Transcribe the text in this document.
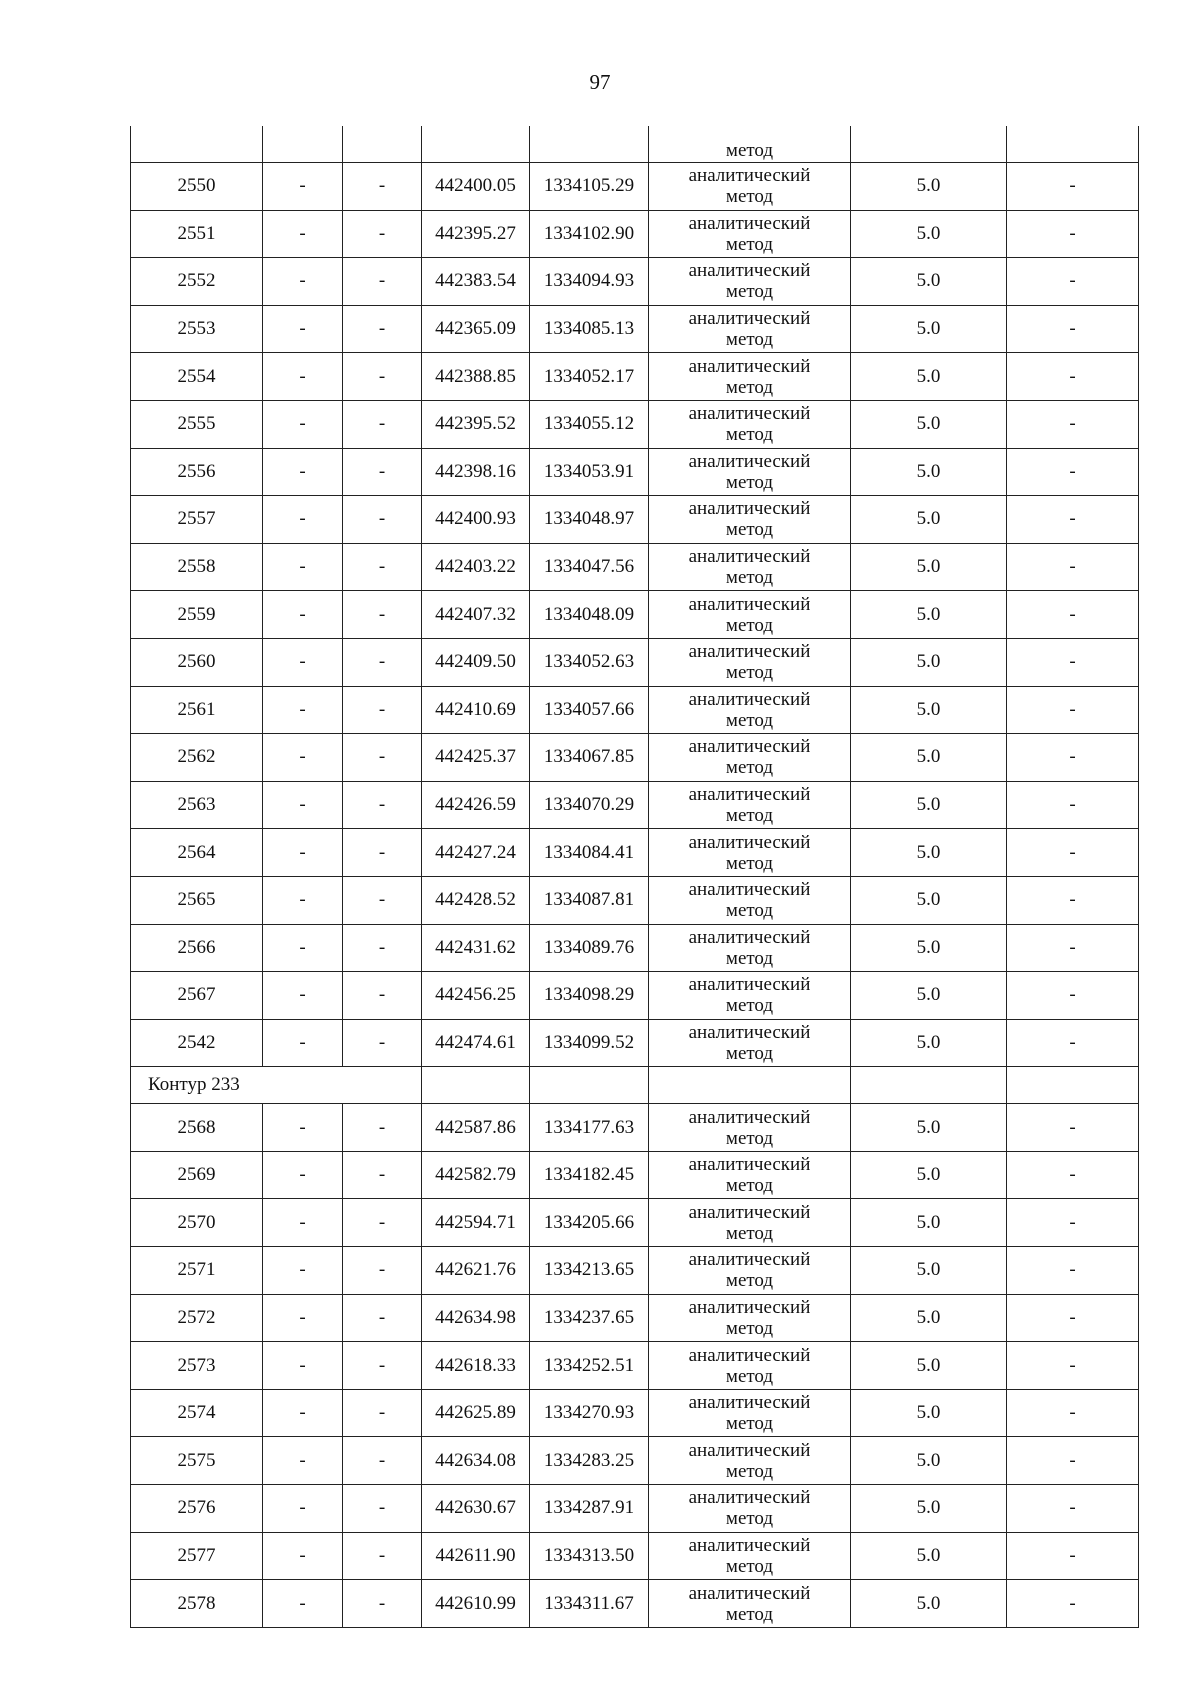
97
					метод		
2550	-	-	442400.05	1334105.29	аналитический
метод	5.0	-
2551	-	-	442395.27	1334102.90	аналитический
метод	5.0	-
2552	-	-	442383.54	1334094.93	аналитический
метод	5.0	-
2553	-	-	442365.09	1334085.13	аналитический
метод	5.0	-
2554	-	-	442388.85	1334052.17	аналитический
метод	5.0	-
2555	-	-	442395.52	1334055.12	аналитический
метод	5.0	-
2556	-	-	442398.16	1334053.91	аналитический
метод	5.0	-
2557	-	-	442400.93	1334048.97	аналитический
метод	5.0	-
2558	-	-	442403.22	1334047.56	аналитический
метод	5.0	-
2559	-	-	442407.32	1334048.09	аналитический
метод	5.0	-
2560	-	-	442409.50	1334052.63	аналитический
метод	5.0	-
2561	-	-	442410.69	1334057.66	аналитический
метод	5.0	-
2562	-	-	442425.37	1334067.85	аналитический
метод	5.0	-
2563	-	-	442426.59	1334070.29	аналитический
метод	5.0	-
2564	-	-	442427.24	1334084.41	аналитический
метод	5.0	-
2565	-	-	442428.52	1334087.81	аналитический
метод	5.0	-
2566	-	-	442431.62	1334089.76	аналитический
метод	5.0	-
2567	-	-	442456.25	1334098.29	аналитический
метод	5.0	-
2542	-	-	442474.61	1334099.52	аналитический
метод	5.0	-
Контур 233							
2568	-	-	442587.86	1334177.63	аналитический
метод	5.0	-
2569	-	-	442582.79	1334182.45	аналитический
метод	5.0	-
2570	-	-	442594.71	1334205.66	аналитический
метод	5.0	-
2571	-	-	442621.76	1334213.65	аналитический
метод	5.0	-
2572	-	-	442634.98	1334237.65	аналитический
метод	5.0	-
2573	-	-	442618.33	1334252.51	аналитический
метод	5.0	-
2574	-	-	442625.89	1334270.93	аналитический
метод	5.0	-
2575	-	-	442634.08	1334283.25	аналитический
метод	5.0	-
2576	-	-	442630.67	1334287.91	аналитический
метод	5.0	-
2577	-	-	442611.90	1334313.50	аналитический
метод	5.0	-
2578	-	-	442610.99	1334311.67	аналитический
метод	5.0	-
